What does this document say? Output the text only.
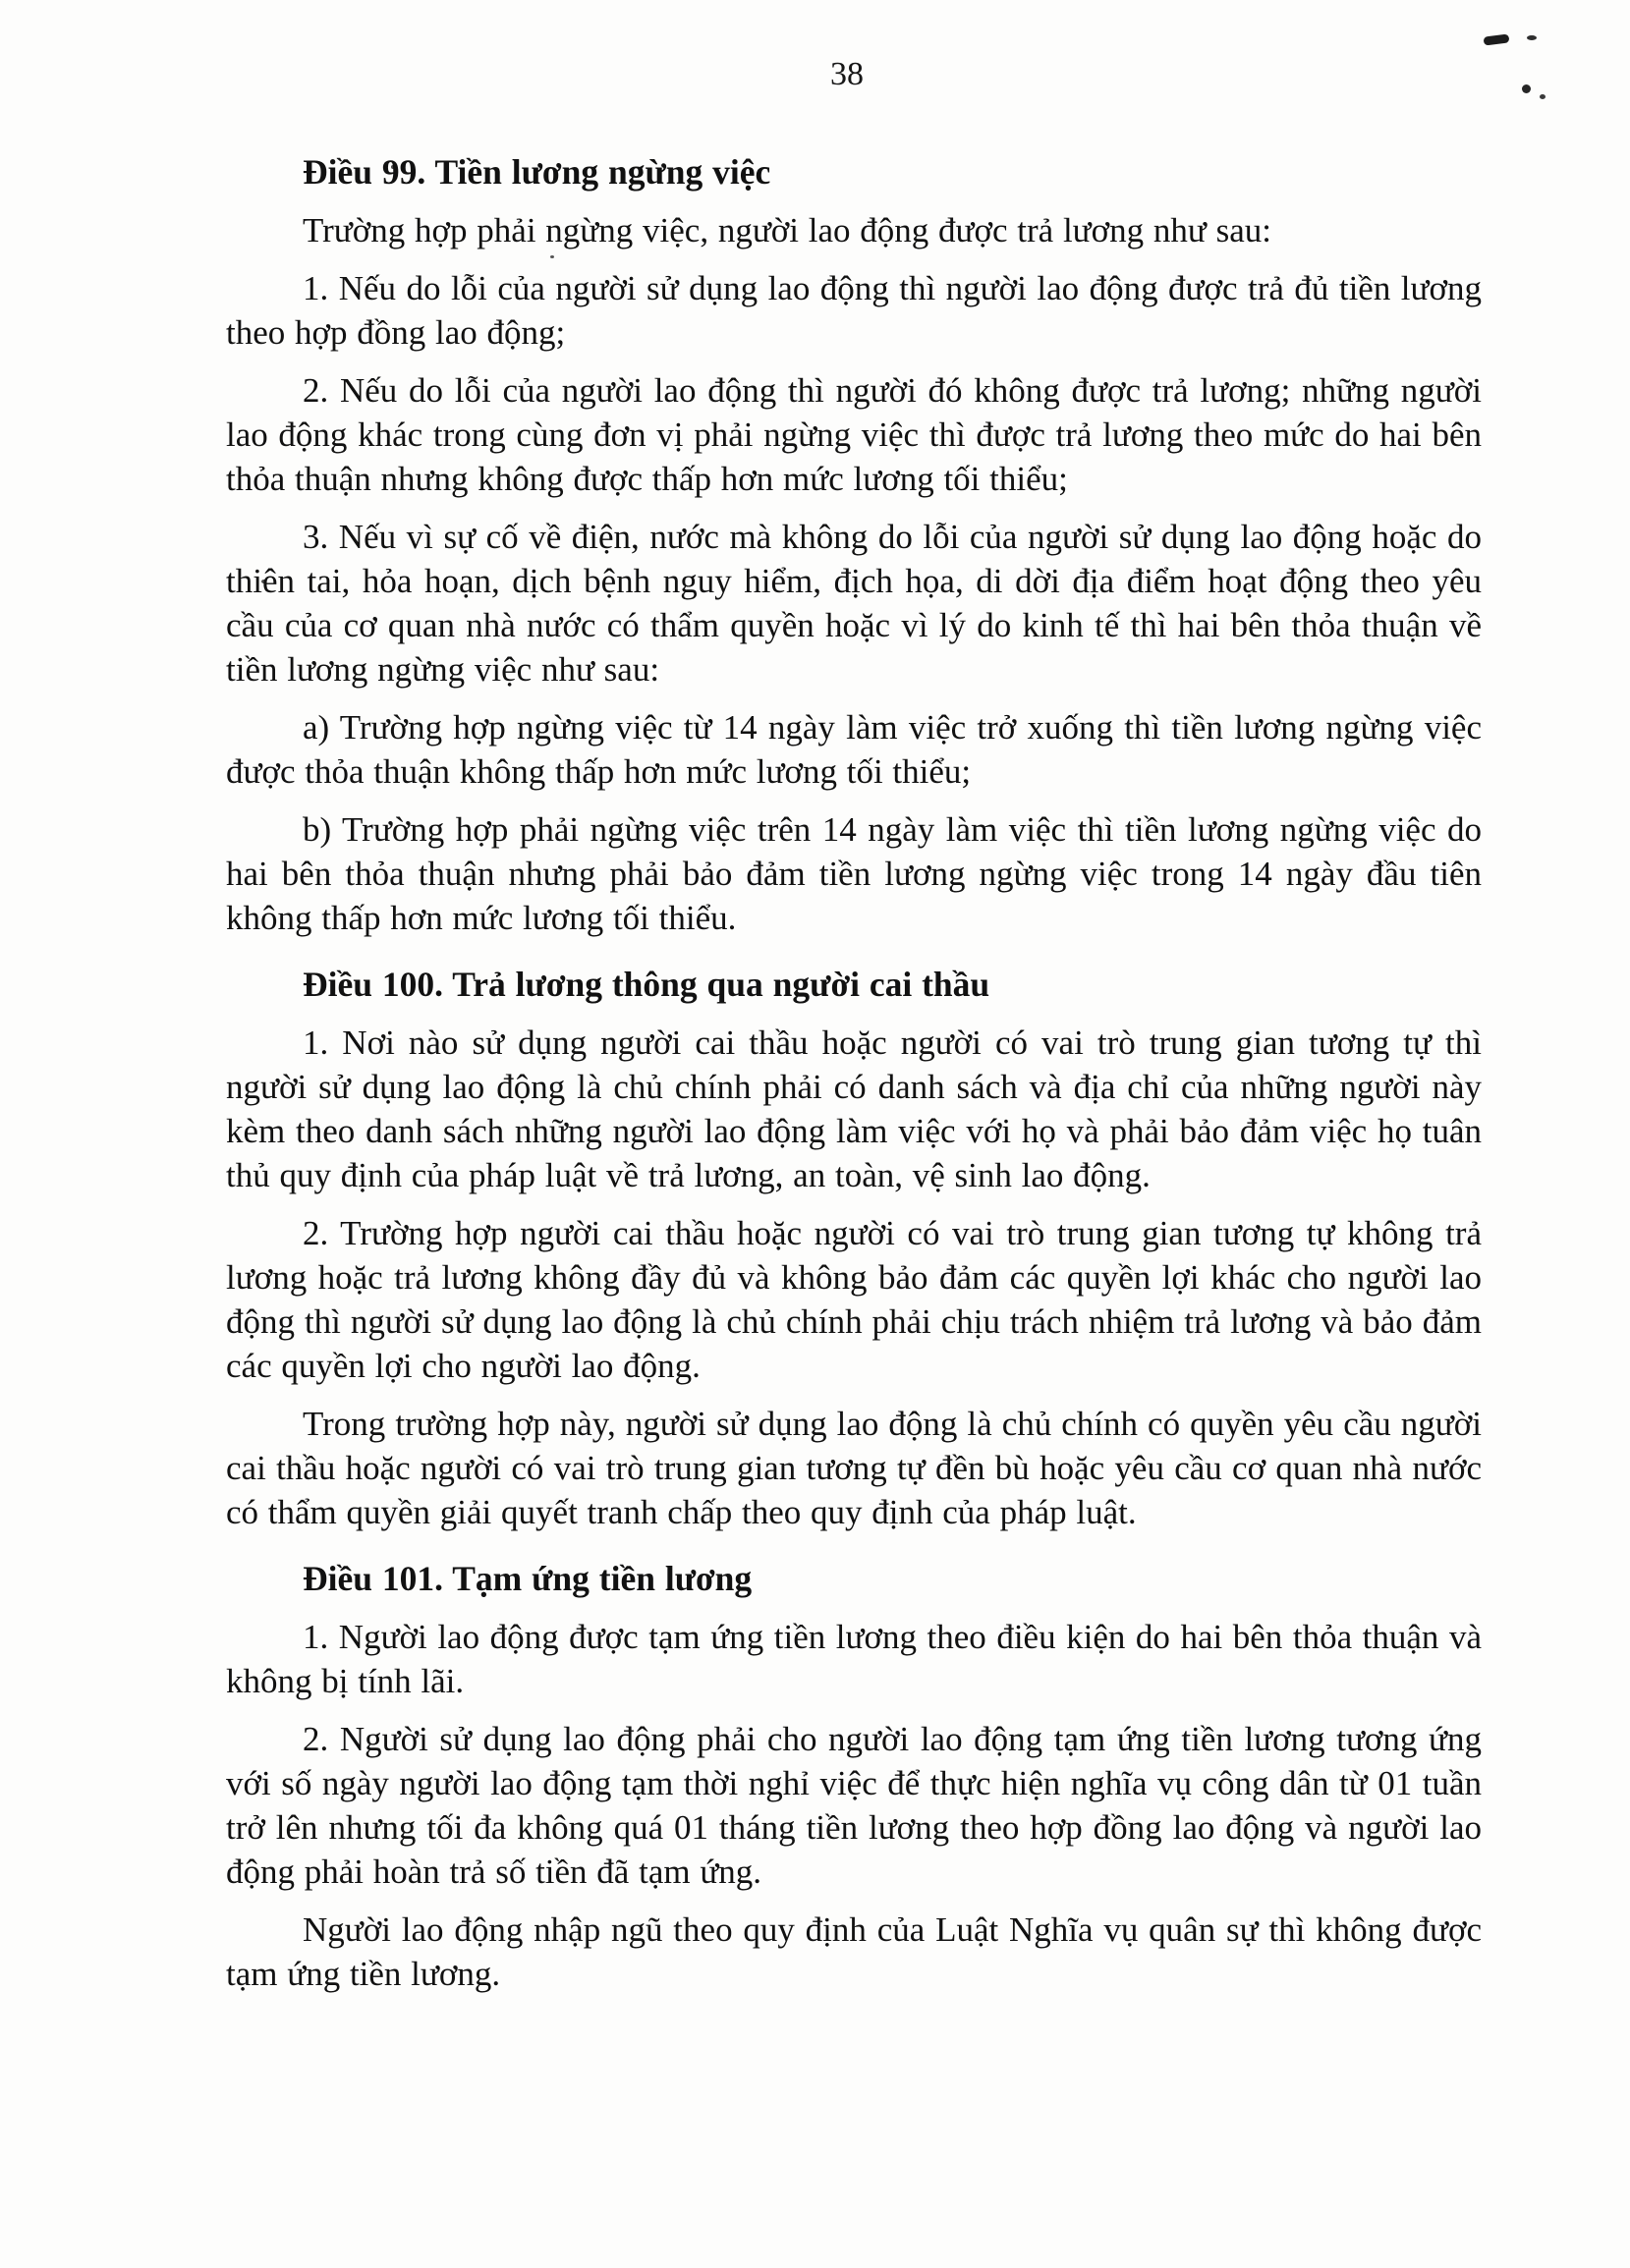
38
Điều 99. Tiền lương ngừng việc

Trường hợp phải ngừng việc, người lao động được trả lương như sau:

1. Nếu do lỗi của người sử dụng lao động thì người lao động được trả đủ tiền lương theo hợp đồng lao động;

2. Nếu do lỗi của người lao động thì người đó không được trả lương; những người lao động khác trong cùng đơn vị phải ngừng việc thì được trả lương theo mức do hai bên thỏa thuận nhưng không được thấp hơn mức lương tối thiểu;

3. Nếu vì sự cố về điện, nước mà không do lỗi của người sử dụng lao động hoặc do thiên tai, hỏa hoạn, dịch bệnh nguy hiểm, địch họa, di dời địa điểm hoạt động theo yêu cầu của cơ quan nhà nước có thẩm quyền hoặc vì lý do kinh tế thì hai bên thỏa thuận về tiền lương ngừng việc như sau:

a) Trường hợp ngừng việc từ 14 ngày làm việc trở xuống thì tiền lương ngừng việc được thỏa thuận không thấp hơn mức lương tối thiểu;

b) Trường hợp phải ngừng việc trên 14 ngày làm việc thì tiền lương ngừng việc do hai bên thỏa thuận nhưng phải bảo đảm tiền lương ngừng việc trong 14 ngày đầu tiên không thấp hơn mức lương tối thiểu.

Điều 100. Trả lương thông qua người cai thầu

1. Nơi nào sử dụng người cai thầu hoặc người có vai trò trung gian tương tự thì người sử dụng lao động là chủ chính phải có danh sách và địa chỉ của những người này kèm theo danh sách những người lao động làm việc với họ và phải bảo đảm việc họ tuân thủ quy định của pháp luật về trả lương, an toàn, vệ sinh lao động.

2. Trường hợp người cai thầu hoặc người có vai trò trung gian tương tự không trả lương hoặc trả lương không đầy đủ và không bảo đảm các quyền lợi khác cho người lao động thì người sử dụng lao động là chủ chính phải chịu trách nhiệm trả lương và bảo đảm các quyền lợi cho người lao động.

Trong trường hợp này, người sử dụng lao động là chủ chính có quyền yêu cầu người cai thầu hoặc người có vai trò trung gian tương tự đền bù hoặc yêu cầu cơ quan nhà nước có thẩm quyền giải quyết tranh chấp theo quy định của pháp luật.

Điều 101. Tạm ứng tiền lương

1. Người lao động được tạm ứng tiền lương theo điều kiện do hai bên thỏa thuận và không bị tính lãi.

2. Người sử dụng lao động phải cho người lao động tạm ứng tiền lương tương ứng với số ngày người lao động tạm thời nghỉ việc để thực hiện nghĩa vụ công dân từ 01 tuần trở lên nhưng tối đa không quá 01 tháng tiền lương theo hợp đồng lao động và người lao động phải hoàn trả số tiền đã tạm ứng.

Người lao động nhập ngũ theo quy định của Luật Nghĩa vụ quân sự thì không được tạm ứng tiền lương.
